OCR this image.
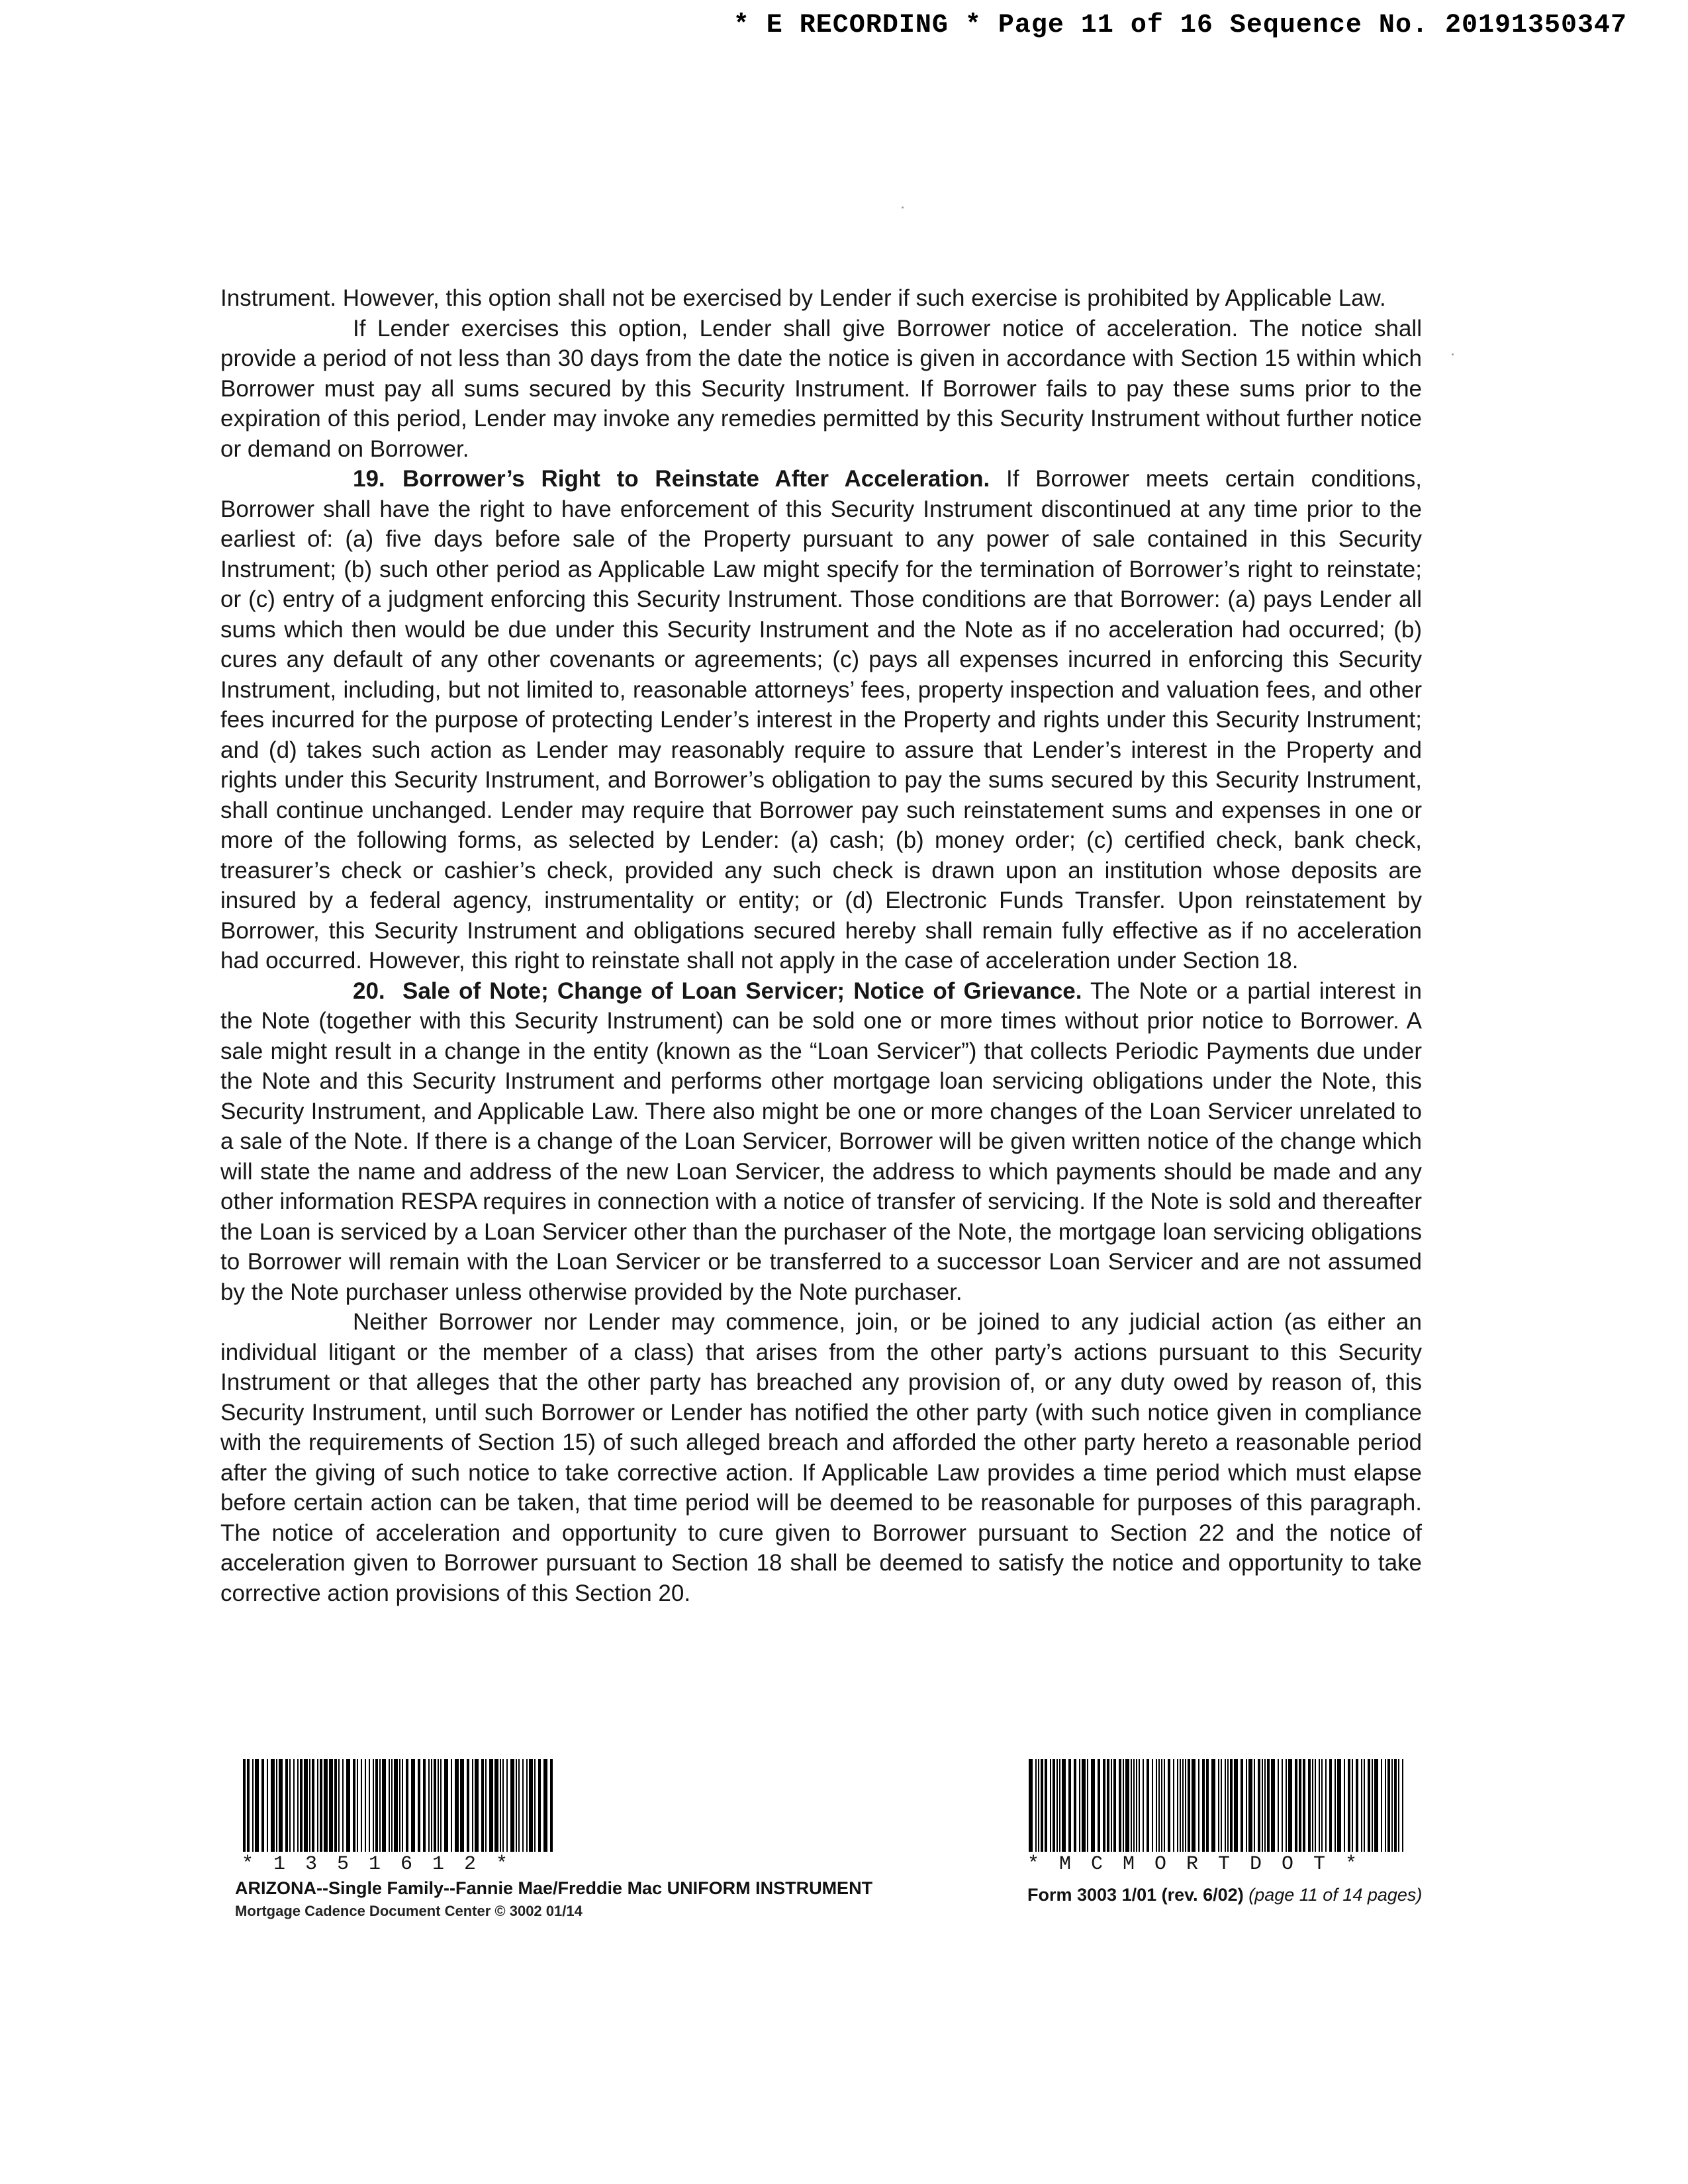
* E RECORDING * Page 11 of 16 Sequence No. 20191350347

Instrument. However, this option shall not be exercised by Lender if such exercise is prohibited by Applicable Law.

If Lender exercises this option, Lender shall give Borrower notice of acceleration. The notice shall provide a period of not less than 30 days from the date the notice is given in accordance with Section 15 within which Borrower must pay all sums secured by this Security Instrument. If Borrower fails to pay these sums prior to the expiration of this period, Lender may invoke any remedies permitted by this Security Instrument without further notice or demand on Borrower.

19. Borrower’s Right to Reinstate After Acceleration. If Borrower meets certain conditions, Borrower shall have the right to have enforcement of this Security Instrument discontinued at any time prior to the earliest of: (a) five days before sale of the Property pursuant to any power of sale contained in this Security Instrument; (b) such other period as Applicable Law might specify for the termination of Borrower’s right to reinstate; or (c) entry of a judgment enforcing this Security Instrument. Those conditions are that Borrower: (a) pays Lender all sums which then would be due under this Security Instrument and the Note as if no acceleration had occurred; (b) cures any default of any other covenants or agreements; (c) pays all expenses incurred in enforcing this Security Instrument, including, but not limited to, reasonable attorneys’ fees, property inspection and valuation fees, and other fees incurred for the purpose of protecting Lender’s interest in the Property and rights under this Security Instrument; and (d) takes such action as Lender may reasonably require to assure that Lender’s interest in the Property and rights under this Security Instrument, and Borrower’s obligation to pay the sums secured by this Security Instrument, shall continue unchanged. Lender may require that Borrower pay such reinstatement sums and expenses in one or more of the following forms, as selected by Lender: (a) cash; (b) money order; (c) certified check, bank check, treasurer’s check or cashier’s check, provided any such check is drawn upon an institution whose deposits are insured by a federal agency, instrumentality or entity; or (d) Electronic Funds Transfer. Upon reinstatement by Borrower, this Security Instrument and obligations secured hereby shall remain fully effective as if no acceleration had occurred. However, this right to reinstate shall not apply in the case of acceleration under Section 18.

20. Sale of Note; Change of Loan Servicer; Notice of Grievance. The Note or a partial interest in the Note (together with this Security Instrument) can be sold one or more times without prior notice to Borrower. A sale might result in a change in the entity (known as the “Loan Servicer”) that collects Periodic Payments due under the Note and this Security Instrument and performs other mortgage loan servicing obligations under the Note, this Security Instrument, and Applicable Law. There also might be one or more changes of the Loan Servicer unrelated to a sale of the Note. If there is a change of the Loan Servicer, Borrower will be given written notice of the change which will state the name and address of the new Loan Servicer, the address to which payments should be made and any other information RESPA requires in connection with a notice of transfer of servicing. If the Note is sold and thereafter the Loan is serviced by a Loan Servicer other than the purchaser of the Note, the mortgage loan servicing obligations to Borrower will remain with the Loan Servicer or be transferred to a successor Loan Servicer and are not assumed by the Note purchaser unless otherwise provided by the Note purchaser.

Neither Borrower nor Lender may commence, join, or be joined to any judicial action (as either an individual litigant or the member of a class) that arises from the other party’s actions pursuant to this Security Instrument or that alleges that the other party has breached any provision of, or any duty owed by reason of, this Security Instrument, until such Borrower or Lender has notified the other party (with such notice given in compliance with the requirements of Section 15) of such alleged breach and afforded the other party hereto a reasonable period after the giving of such notice to take corrective action. If Applicable Law provides a time period which must elapse before certain action can be taken, that time period will be deemed to be reasonable for purposes of this paragraph. The notice of acceleration and opportunity to cure given to Borrower pursuant to Section 22 and the notice of acceleration given to Borrower pursuant to Section 18 shall be deemed to satisfy the notice and opportunity to take corrective action provisions of this Section 20.

* 1 3 5 1 6 1 2 *
ARIZONA--Single Family--Fannie Mae/Freddie Mac UNIFORM INSTRUMENT
Mortgage Cadence Document Center © 3002 01/14
* M C M O R T D O T *
Form 3003 1/01 (rev. 6/02) (page 11 of 14 pages)
